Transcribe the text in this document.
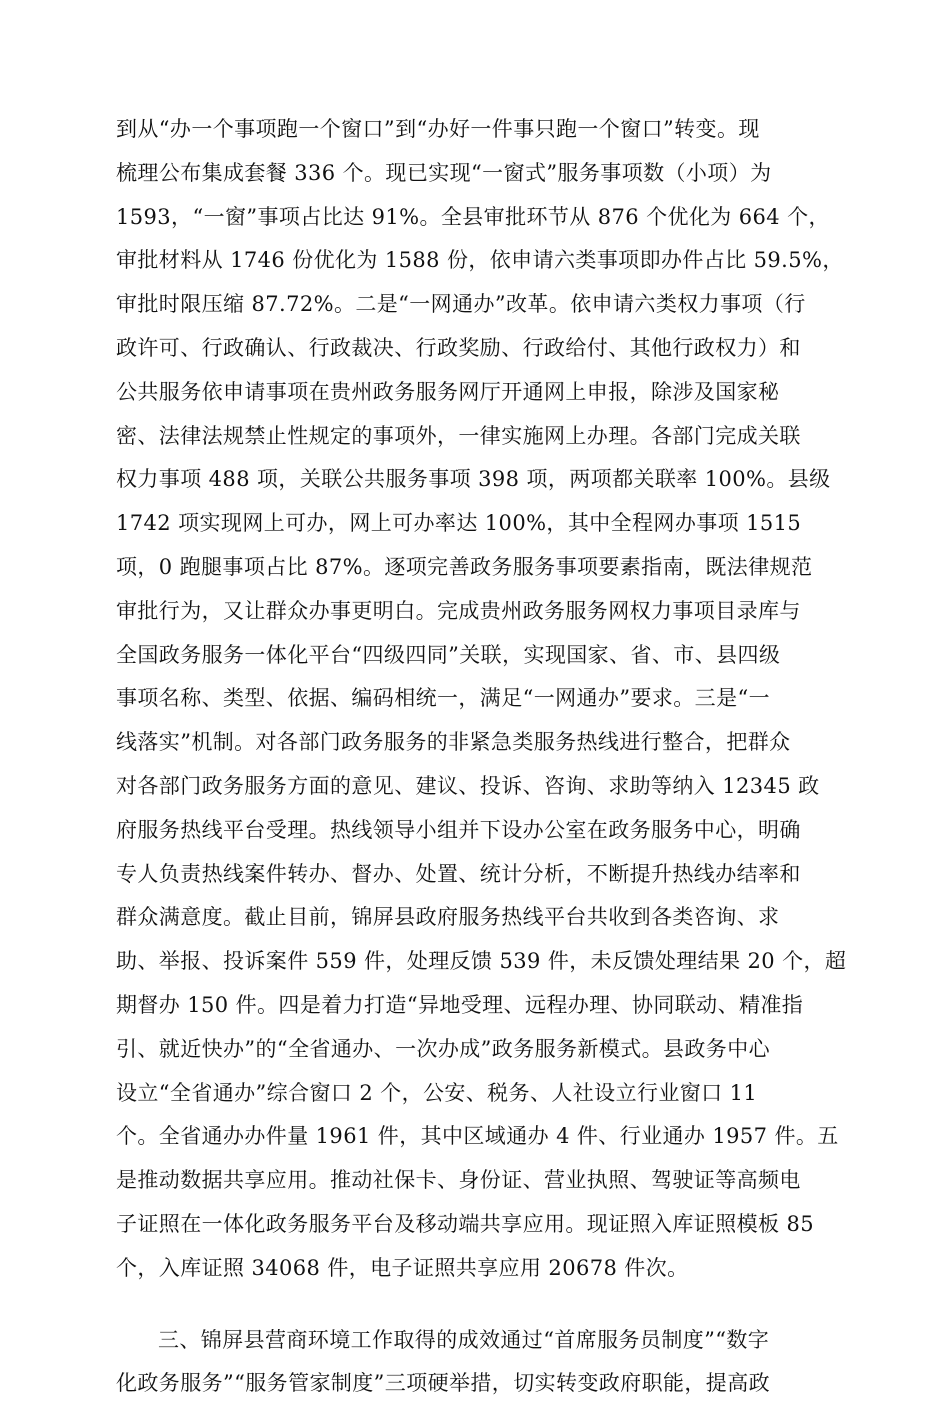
到从“办一个事项跑一个窗口”到“办好一件事只跑一个窗口”转变。现
梳理公布集成套餐 336 个。现已实现“一窗式”服务事项数（小项）为
1593，“一窗”事项占比达 91%。全县审批环节从 876 个优化为 664 个，
审批材料从 1746 份优化为 1588 份，依申请六类事项即办件占比 59.5%，
审批时限压缩 87.72%。二是“一网通办”改革。依申请六类权力事项（行
政许可、行政确认、行政裁决、行政奖励、行政给付、其他行政权力）和
公共服务依申请事项在贵州政务服务网厅开通网上申报，除涉及国家秘
密、法律法规禁止性规定的事项外，一律实施网上办理。各部门完成关联
权力事项 488 项，关联公共服务事项 398 项，两项都关联率 100%。县级
1742 项实现网上可办，网上可办率达 100%，其中全程网办事项 1515
项，0 跑腿事项占比 87%。逐项完善政务服务事项要素指南，既法律规范
审批行为，又让群众办事更明白。完成贵州政务服务网权力事项目录库与
全国政务服务一体化平台“四级四同”关联，实现国家、省、市、县四级
事项名称、类型、依据、编码相统一，满足“一网通办”要求。三是“一
线落实”机制。对各部门政务服务的非紧急类服务热线进行整合，把群众
对各部门政务服务方面的意见、建议、投诉、咨询、求助等纳入 12345 政
府服务热线平台受理。热线领导小组并下设办公室在政务服务中心，明确
专人负责热线案件转办、督办、处置、统计分析，不断提升热线办结率和
群众满意度。截止目前，锦屏县政府服务热线平台共收到各类咨询、求
助、举报、投诉案件 559 件，处理反馈 539 件，未反馈处理结果 20 个，超
期督办 150 件。四是着力打造“异地受理、远程办理、协同联动、精准指
引、就近快办”的“全省通办、一次办成”政务服务新模式。县政务中心
设立“全省通办”综合窗口 2 个，公安、税务、人社设立行业窗口 11
个。全省通办办件量 1961 件，其中区域通办 4 件、行业通办 1957 件。五
是推动数据共享应用。推动社保卡、身份证、营业执照、驾驶证等高频电
子证照在一体化政务服务平台及移动端共享应用。现证照入库证照模板 85
个，入库证照 34068 件，电子证照共享应用 20678 件次。
三、锦屏县营商环境工作取得的成效通过“首席服务员制度”“数字
化政务服务”“服务管家制度”三项硬举措，切实转变政府职能，提高政
